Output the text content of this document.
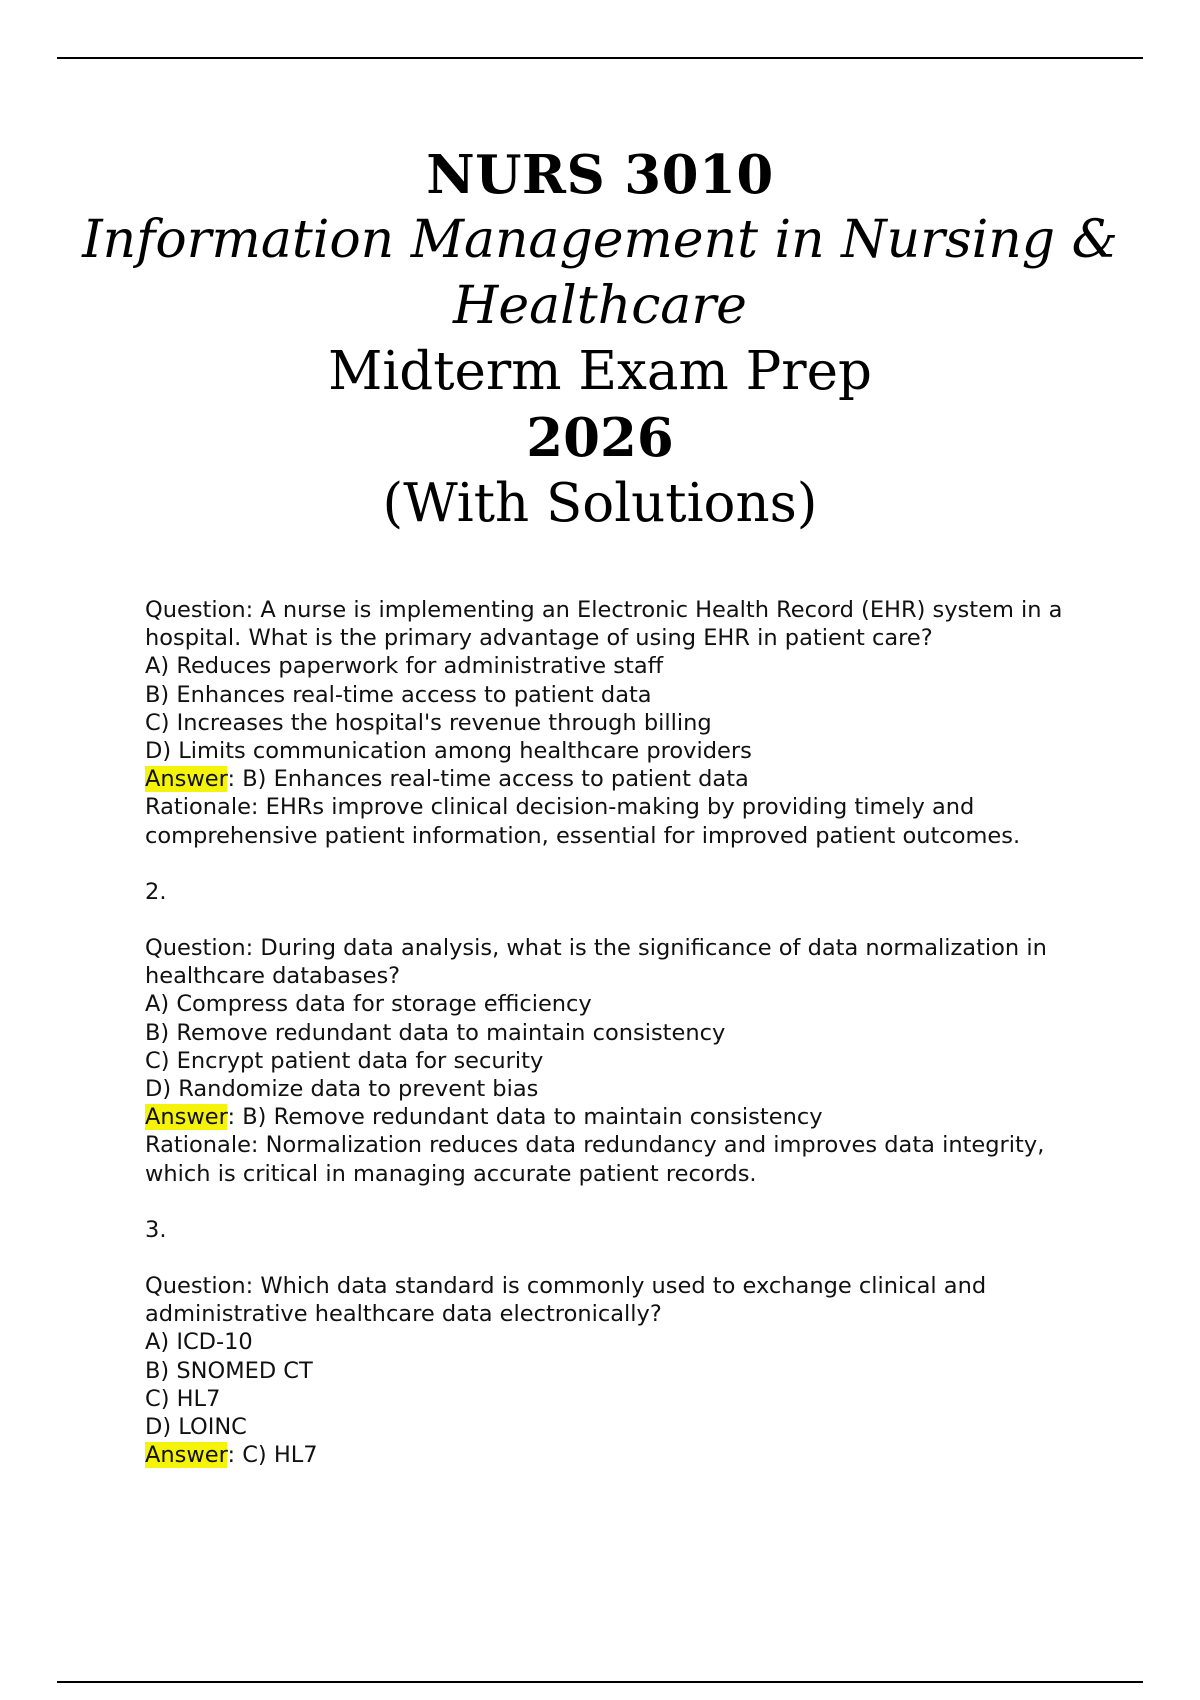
NURS 3010
Information Management in Nursing & Healthcare
Midterm Exam Prep
2026
(With Solutions)
Question: A nurse is implementing an Electronic Health Record (EHR) system in a hospital. What is the primary advantage of using EHR in patient care?
A) Reduces paperwork for administrative staff
B) Enhances real-time access to patient data
C) Increases the hospital's revenue through billing
D) Limits communication among healthcare providers
Answer: B) Enhances real-time access to patient data
Rationale: EHRs improve clinical decision-making by providing timely and comprehensive patient information, essential for improved patient outcomes.
2.
Question: During data analysis, what is the significance of data normalization in healthcare databases?
A) Compress data for storage efficiency
B) Remove redundant data to maintain consistency
C) Encrypt patient data for security
D) Randomize data to prevent bias
Answer: B) Remove redundant data to maintain consistency
Rationale: Normalization reduces data redundancy and improves data integrity, which is critical in managing accurate patient records.
3.
Question: Which data standard is commonly used to exchange clinical and administrative healthcare data electronically?
A) ICD-10
B) SNOMED CT
C) HL7
D) LOINC
Answer: C) HL7
